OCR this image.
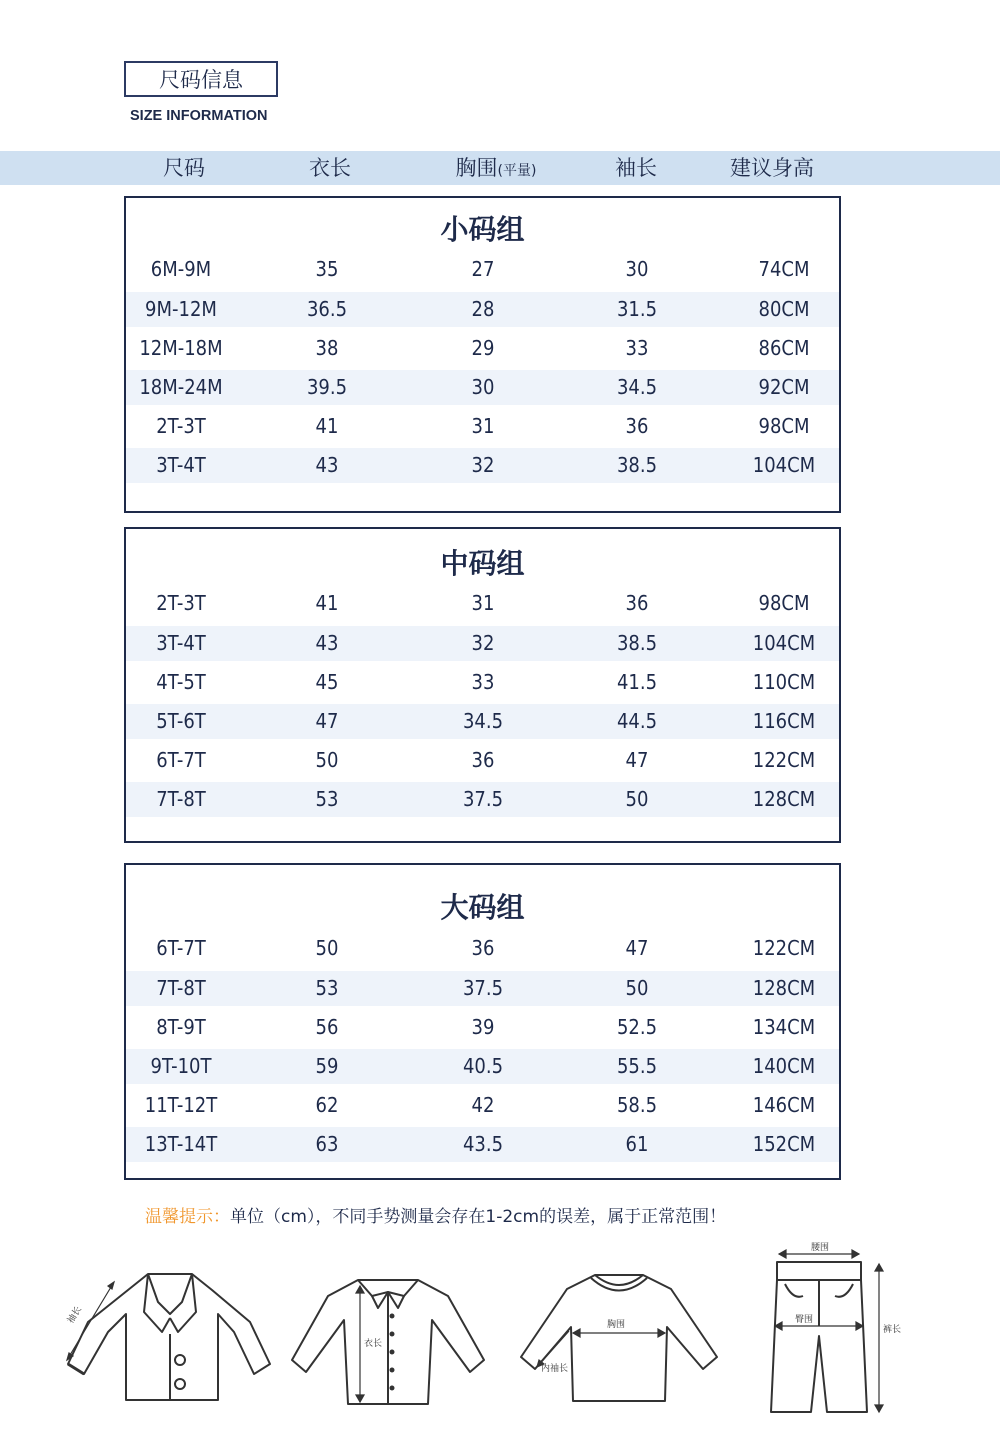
尺码信息
SIZE INFORMATION
尺码	衣长	胸围(平量)	袖长	建议身高
小码组
6M-9M	35	27	30	74CM
9M-12M	36.5	28	31.5	80CM
12M-18M	38	29	33	86CM
18M-24M	39.5	30	34.5	92CM
2T-3T	41	31	36	98CM
3T-4T	43	32	38.5	104CM
中码组
2T-3T	41	31	36	98CM
3T-4T	43	32	38.5	104CM
4T-5T	45	33	41.5	110CM
5T-6T	47	34.5	44.5	116CM
6T-7T	50	36	47	122CM
7T-8T	53	37.5	50	128CM
大码组
6T-7T	50	36	47	122CM
7T-8T	53	37.5	50	128CM
8T-9T	56	39	52.5	134CM
9T-10T	59	40.5	55.5	140CM
11T-12T	62	42	58.5	146CM
13T-14T	63	43.5	61	152CM
温馨提示：单位（cm），不同手势测量会存在1-2cm的误差，属于正常范围！
袖长
衣长
胸围
内袖长
腰围
臀围
裤长
